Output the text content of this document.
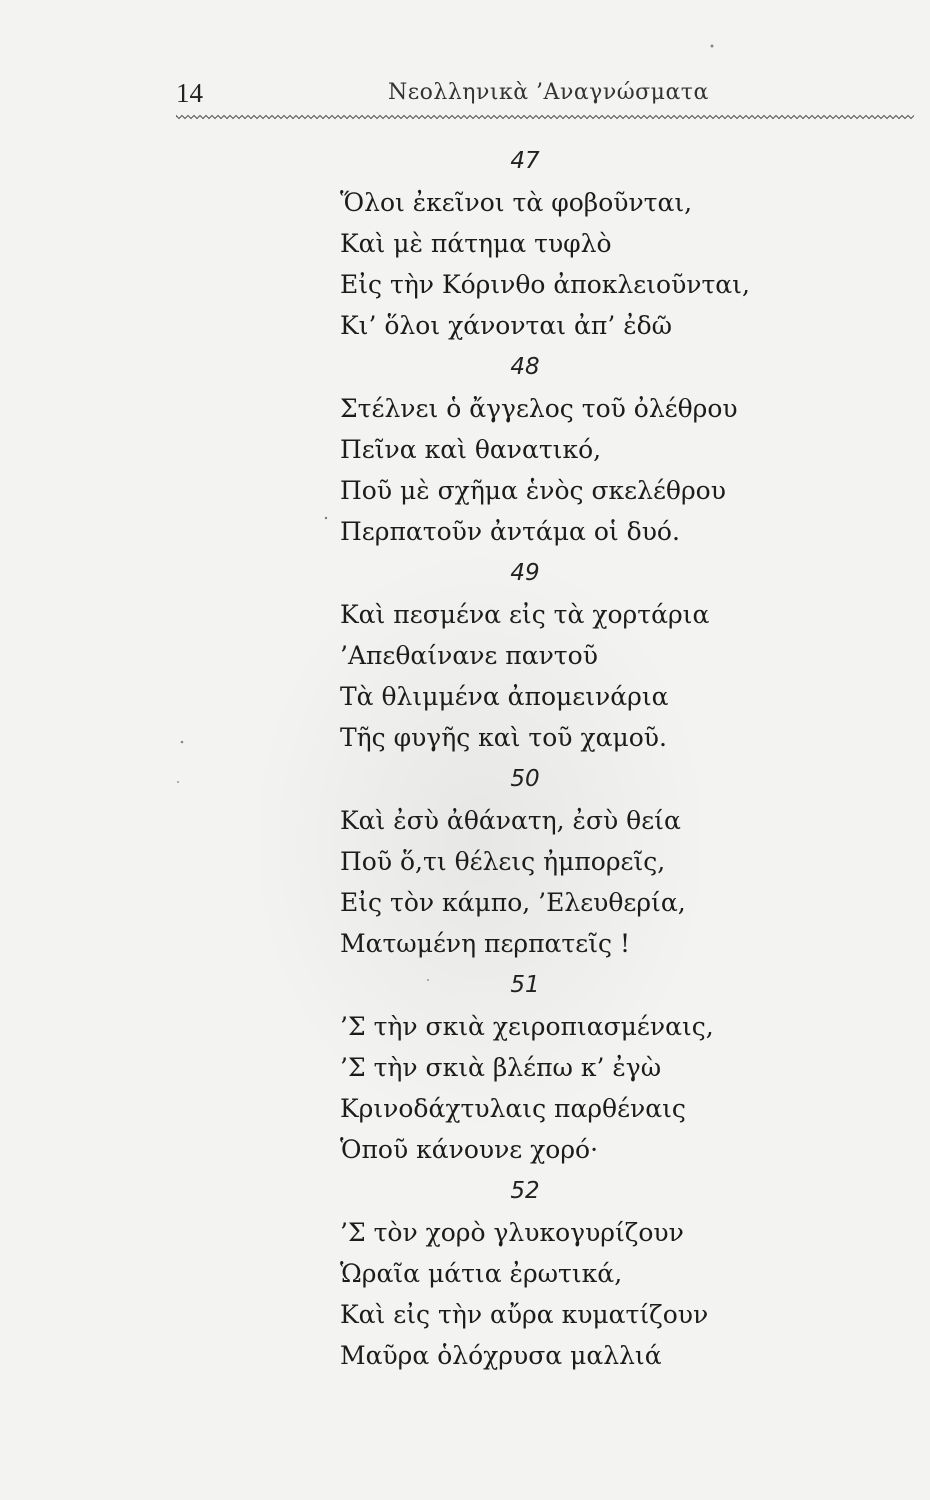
14	Νεολληνικὰ ’Αναγνώσματα
47
Ὅλοι ἐκεῖνοι τὰ φοβοῦνται,
Καὶ μὲ πάτημα τυφλὸ
Εἰς τὴν Κόρινθο ἀποκλειοῦνται,
Κι’ ὅλοι χάνονται ἀπ’ ἐδῶ
48
Στέλνει ὁ ἄγγελος τοῦ ὀλέθρου
Πεῖνα καὶ θανατικό,
Ποῦ μὲ σχῆμα ἑνὸς σκελέθρου
Περπατοῦν ἀντάμα οἱ δυό.
49
Καὶ πεσμένα εἰς τὰ χορτάρια
’Απεθαίνανε παντοῦ
Τὰ θλιμμένα ἀπομεινάρια
Τῆς φυγῆς καὶ τοῦ χαμοῦ.
50
Καὶ ἐσὺ ἀθάνατη, ἐσὺ θεία
Ποῦ ὅ,τι θέλεις ἠμπορεῖς,
Εἰς τὸν κάμπο, ’Ελευθερία,
Ματωμένη περπατεῖς !
51
’Σ τὴν σκιὰ χειροπιασμέναις,
’Σ τὴν σκιὰ βλέπω κ’ ἐγὼ
Κρινοδάχτυλαις παρθέναις
Ὁποῦ κάνουνε χορό·
52
’Σ τὸν χορὸ γλυκογυρίζουν
Ὡραῖα μάτια ἐρωτικά,
Καὶ εἰς τὴν αὔρα κυματίζουν
Μαῦρα ὁλόχρυσα μαλλιά
